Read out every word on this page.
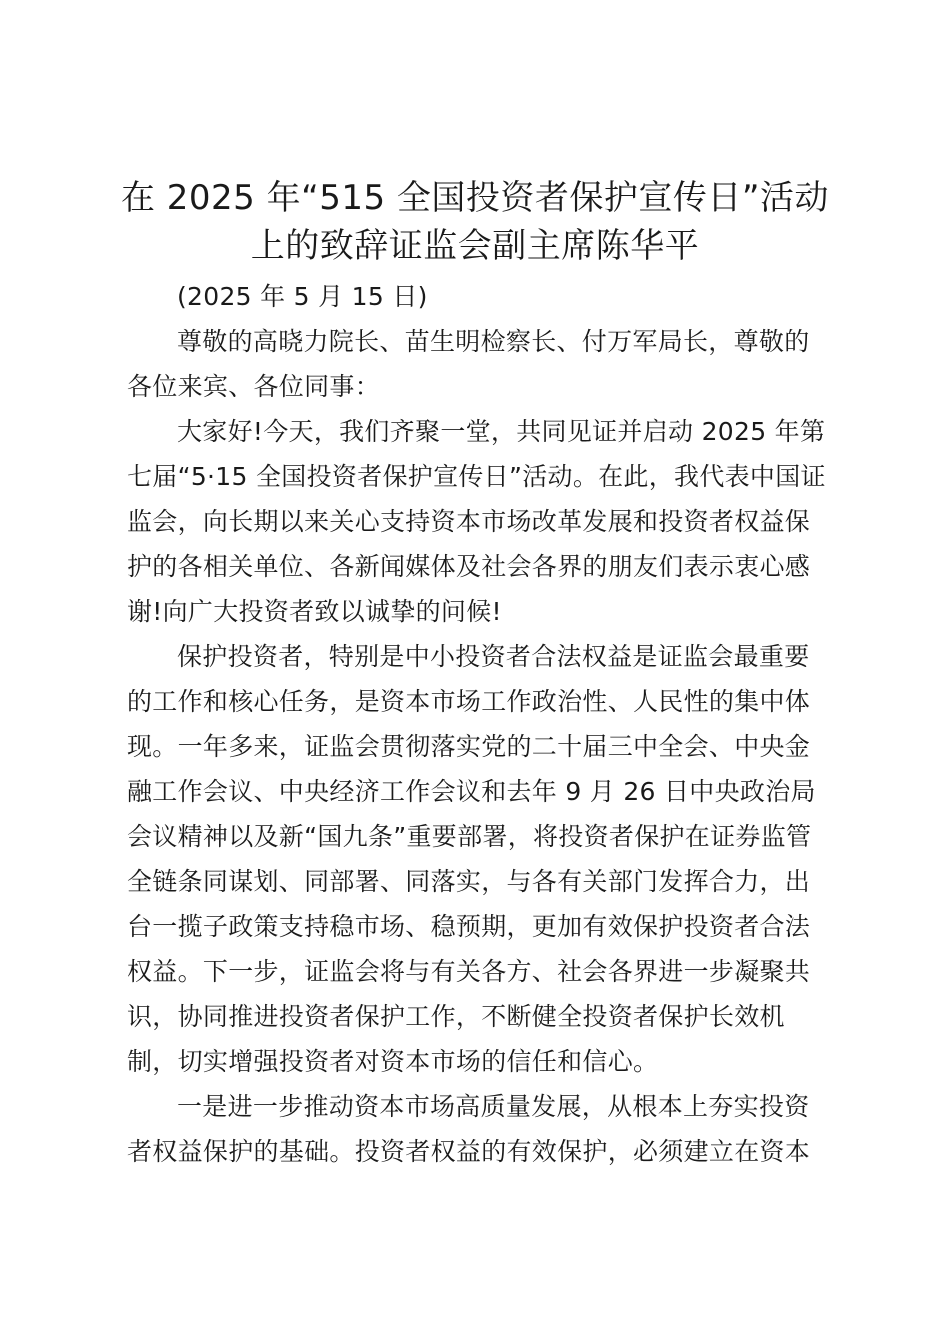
在 2025 年“515 全国投资者保护宣传日”活动
上的致辞证监会副主席陈华平
(2025 年 5 月 15 日)
尊敬的高晓力院长、苗生明检察长、付万军局长，尊敬的
各位来宾、各位同事：
大家好!今天，我们齐聚一堂，共同见证并启动 2025 年第
七届“5·15 全国投资者保护宣传日”活动。在此，我代表中国证
监会，向长期以来关心支持资本市场改革发展和投资者权益保
护的各相关单位、各新闻媒体及社会各界的朋友们表示衷心感
谢!向广大投资者致以诚挚的问候!
保护投资者，特别是中小投资者合法权益是证监会最重要
的工作和核心任务，是资本市场工作政治性、人民性的集中体
现。一年多来，证监会贯彻落实党的二十届三中全会、中央金
融工作会议、中央经济工作会议和去年 9 月 26 日中央政治局
会议精神以及新“国九条”重要部署，将投资者保护在证券监管
全链条同谋划、同部署、同落实，与各有关部门发挥合力，出
台一揽子政策支持稳市场、稳预期，更加有效保护投资者合法
权益。下一步，证监会将与有关各方、社会各界进一步凝聚共
识，协同推进投资者保护工作，不断健全投资者保护长效机
制，切实增强投资者对资本市场的信任和信心。
一是进一步推动资本市场高质量发展，从根本上夯实投资
者权益保护的基础。投资者权益的有效保护，必须建立在资本
